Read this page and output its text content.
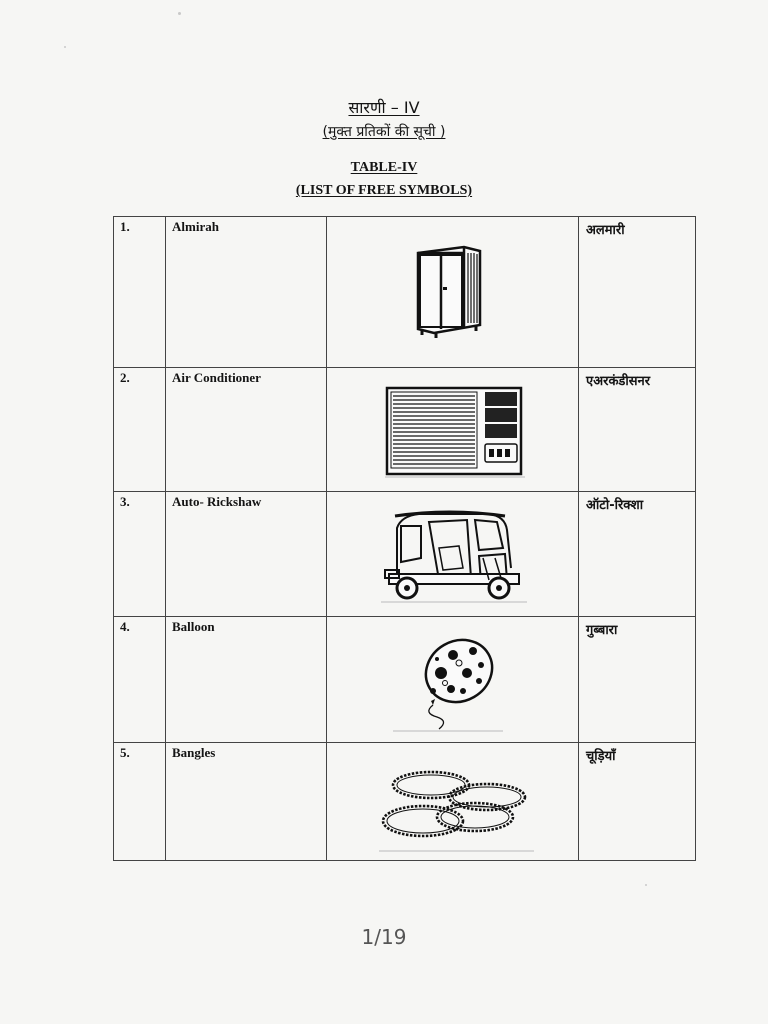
सारणी – IV
(मुक्त प्रतिकों की सूची )
TABLE-IV
(LIST OF FREE SYMBOLS)
1.	Almirah		अलमारी

2.	Air Conditioner		एअरकंडीसनर

3.	Auto- Rickshaw		ऑटो-रिक्शा

4.	Balloon		गुब्बारा

5.	Bangles		चूड़ियाँ
1/19
